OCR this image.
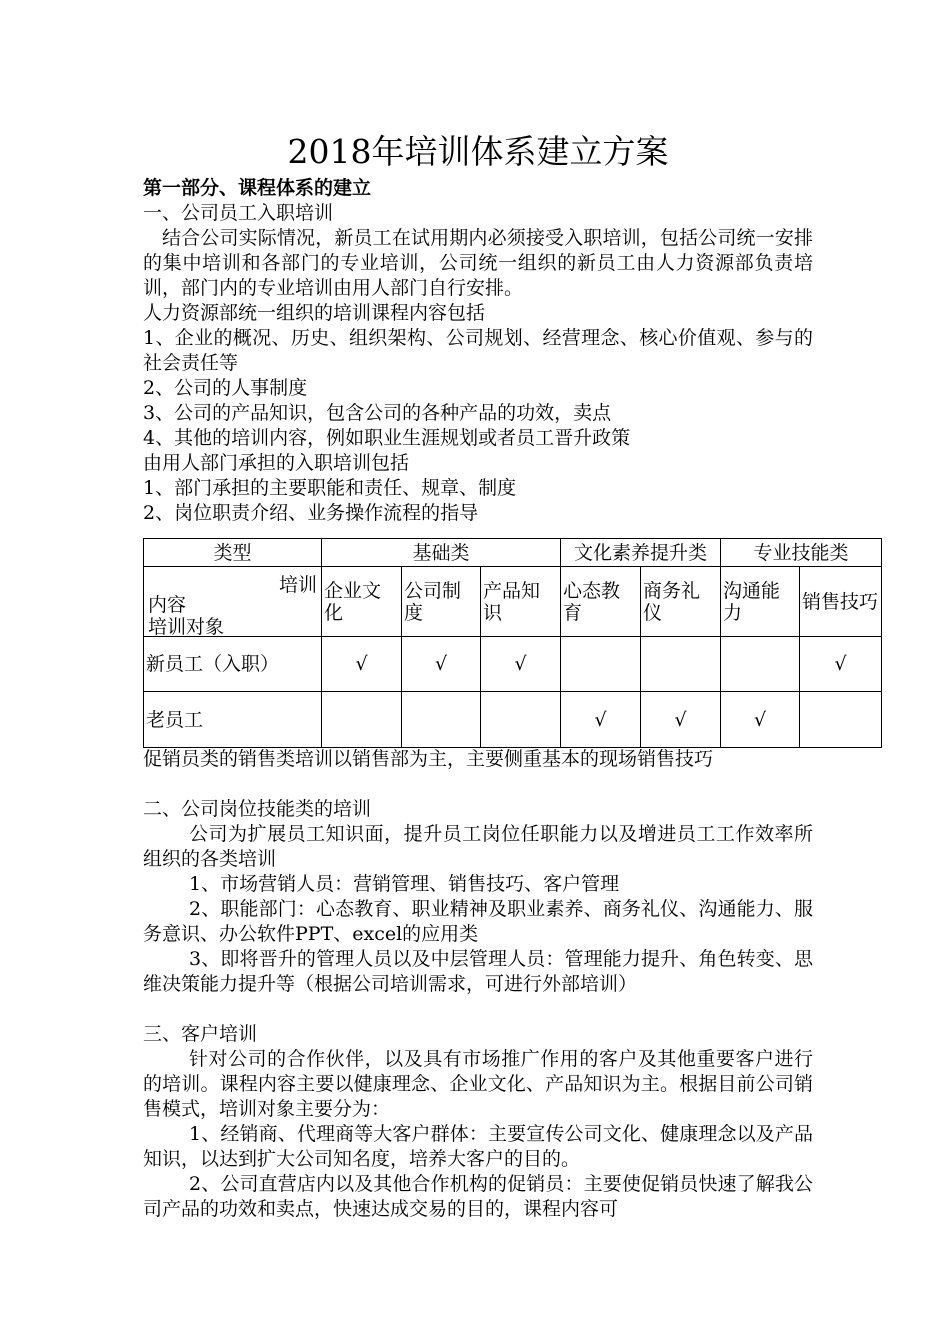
2018年培训体系建立方案

第一部分、课程体系的建立

一、公司员工入职培训

结合公司实际情况，新员工在试用期内必须接受入职培训，包括公司统一安排的集中培训和各部门的专业培训，公司统一组织的新员工由人力资源部负责培训，部门内的专业培训由用人部门自行安排。

人力资源部统一组织的培训课程内容包括

1、企业的概况、历史、组织架构、公司规划、经营理念、核心价值观、参与的社会责任等

2、公司的人事制度

3、公司的产品知识，包含公司的各种产品的功效，卖点

4、其他的培训内容，例如职业生涯规划或者员工晋升政策

由用人部门承担的入职培训包括

1、部门承担的主要职能和责任、规章、制度

2、岗位职责介绍、业务操作流程的指导

类型	基础类			文化素养提升类		专业技能类	

培训
内容
培训对象	企业文化	公司制度	产品知识	心态教育	商务礼仪	沟通能力	销售技巧
新员工（入职）	√	√	√				√
老员工				√	√	√	

促销员类的销售类培训以销售部为主，主要侧重基本的现场销售技巧

二、公司岗位技能类的培训

公司为扩展员工知识面，提升员工岗位任职能力以及增进员工工作效率所组织的各类培训

1、市场营销人员：营销管理、销售技巧、客户管理

2、职能部门：心态教育、职业精神及职业素养、商务礼仪、沟通能力、服务意识、办公软件PPT、excel的应用类

3、即将晋升的管理人员以及中层管理人员：管理能力提升、角色转变、思维决策能力提升等（根据公司培训需求，可进行外部培训）

三、客户培训

针对公司的合作伙伴，以及具有市场推广作用的客户及其他重要客户进行的培训。课程内容主要以健康理念、企业文化、产品知识为主。根据目前公司销售模式，培训对象主要分为：

1、经销商、代理商等大客户群体：主要宣传公司文化、健康理念以及产品知识，以达到扩大公司知名度，培养大客户的目的。

2、公司直营店内以及其他合作机构的促销员：主要使促销员快速了解我公司产品的功效和卖点，快速达成交易的目的，课程内容可
